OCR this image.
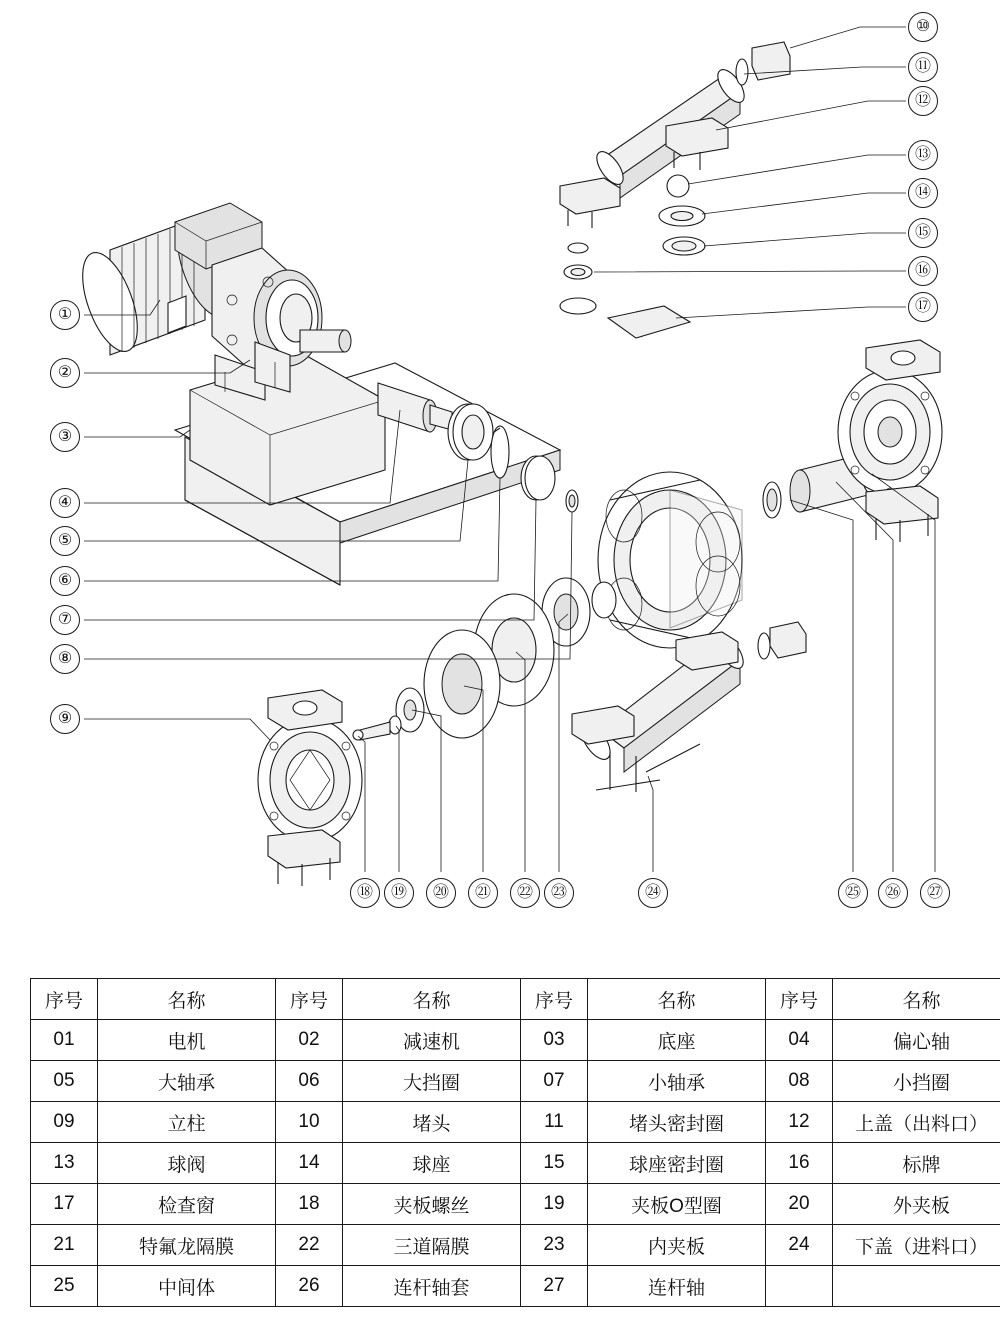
①
②
③
④
⑤
⑥
⑦
⑧
⑨
⑩
⑪
⑫
⑬
⑭
⑮
⑯
⑰
⑱	⑲	⑳	㉑	㉒	㉓	㉔	㉕	㉖	㉗
序号	名称	序号	名称	序号	名称	序号	名称
01	电机	02	减速机	03	底座	04	偏心轴
05	大轴承	06	大挡圈	07	小轴承	08	小挡圈
09	立柱	10	堵头	11	堵头密封圈	12	上盖（出料口）
13	球阀	14	球座	15	球座密封圈	16	标牌
17	检查窗	18	夹板螺丝	19	夹板O型圈	20	外夹板
21	特氟龙隔膜	22	三道隔膜	23	内夹板	24	下盖（进料口）
25	中间体	26	连杆轴套	27	连杆轴		
